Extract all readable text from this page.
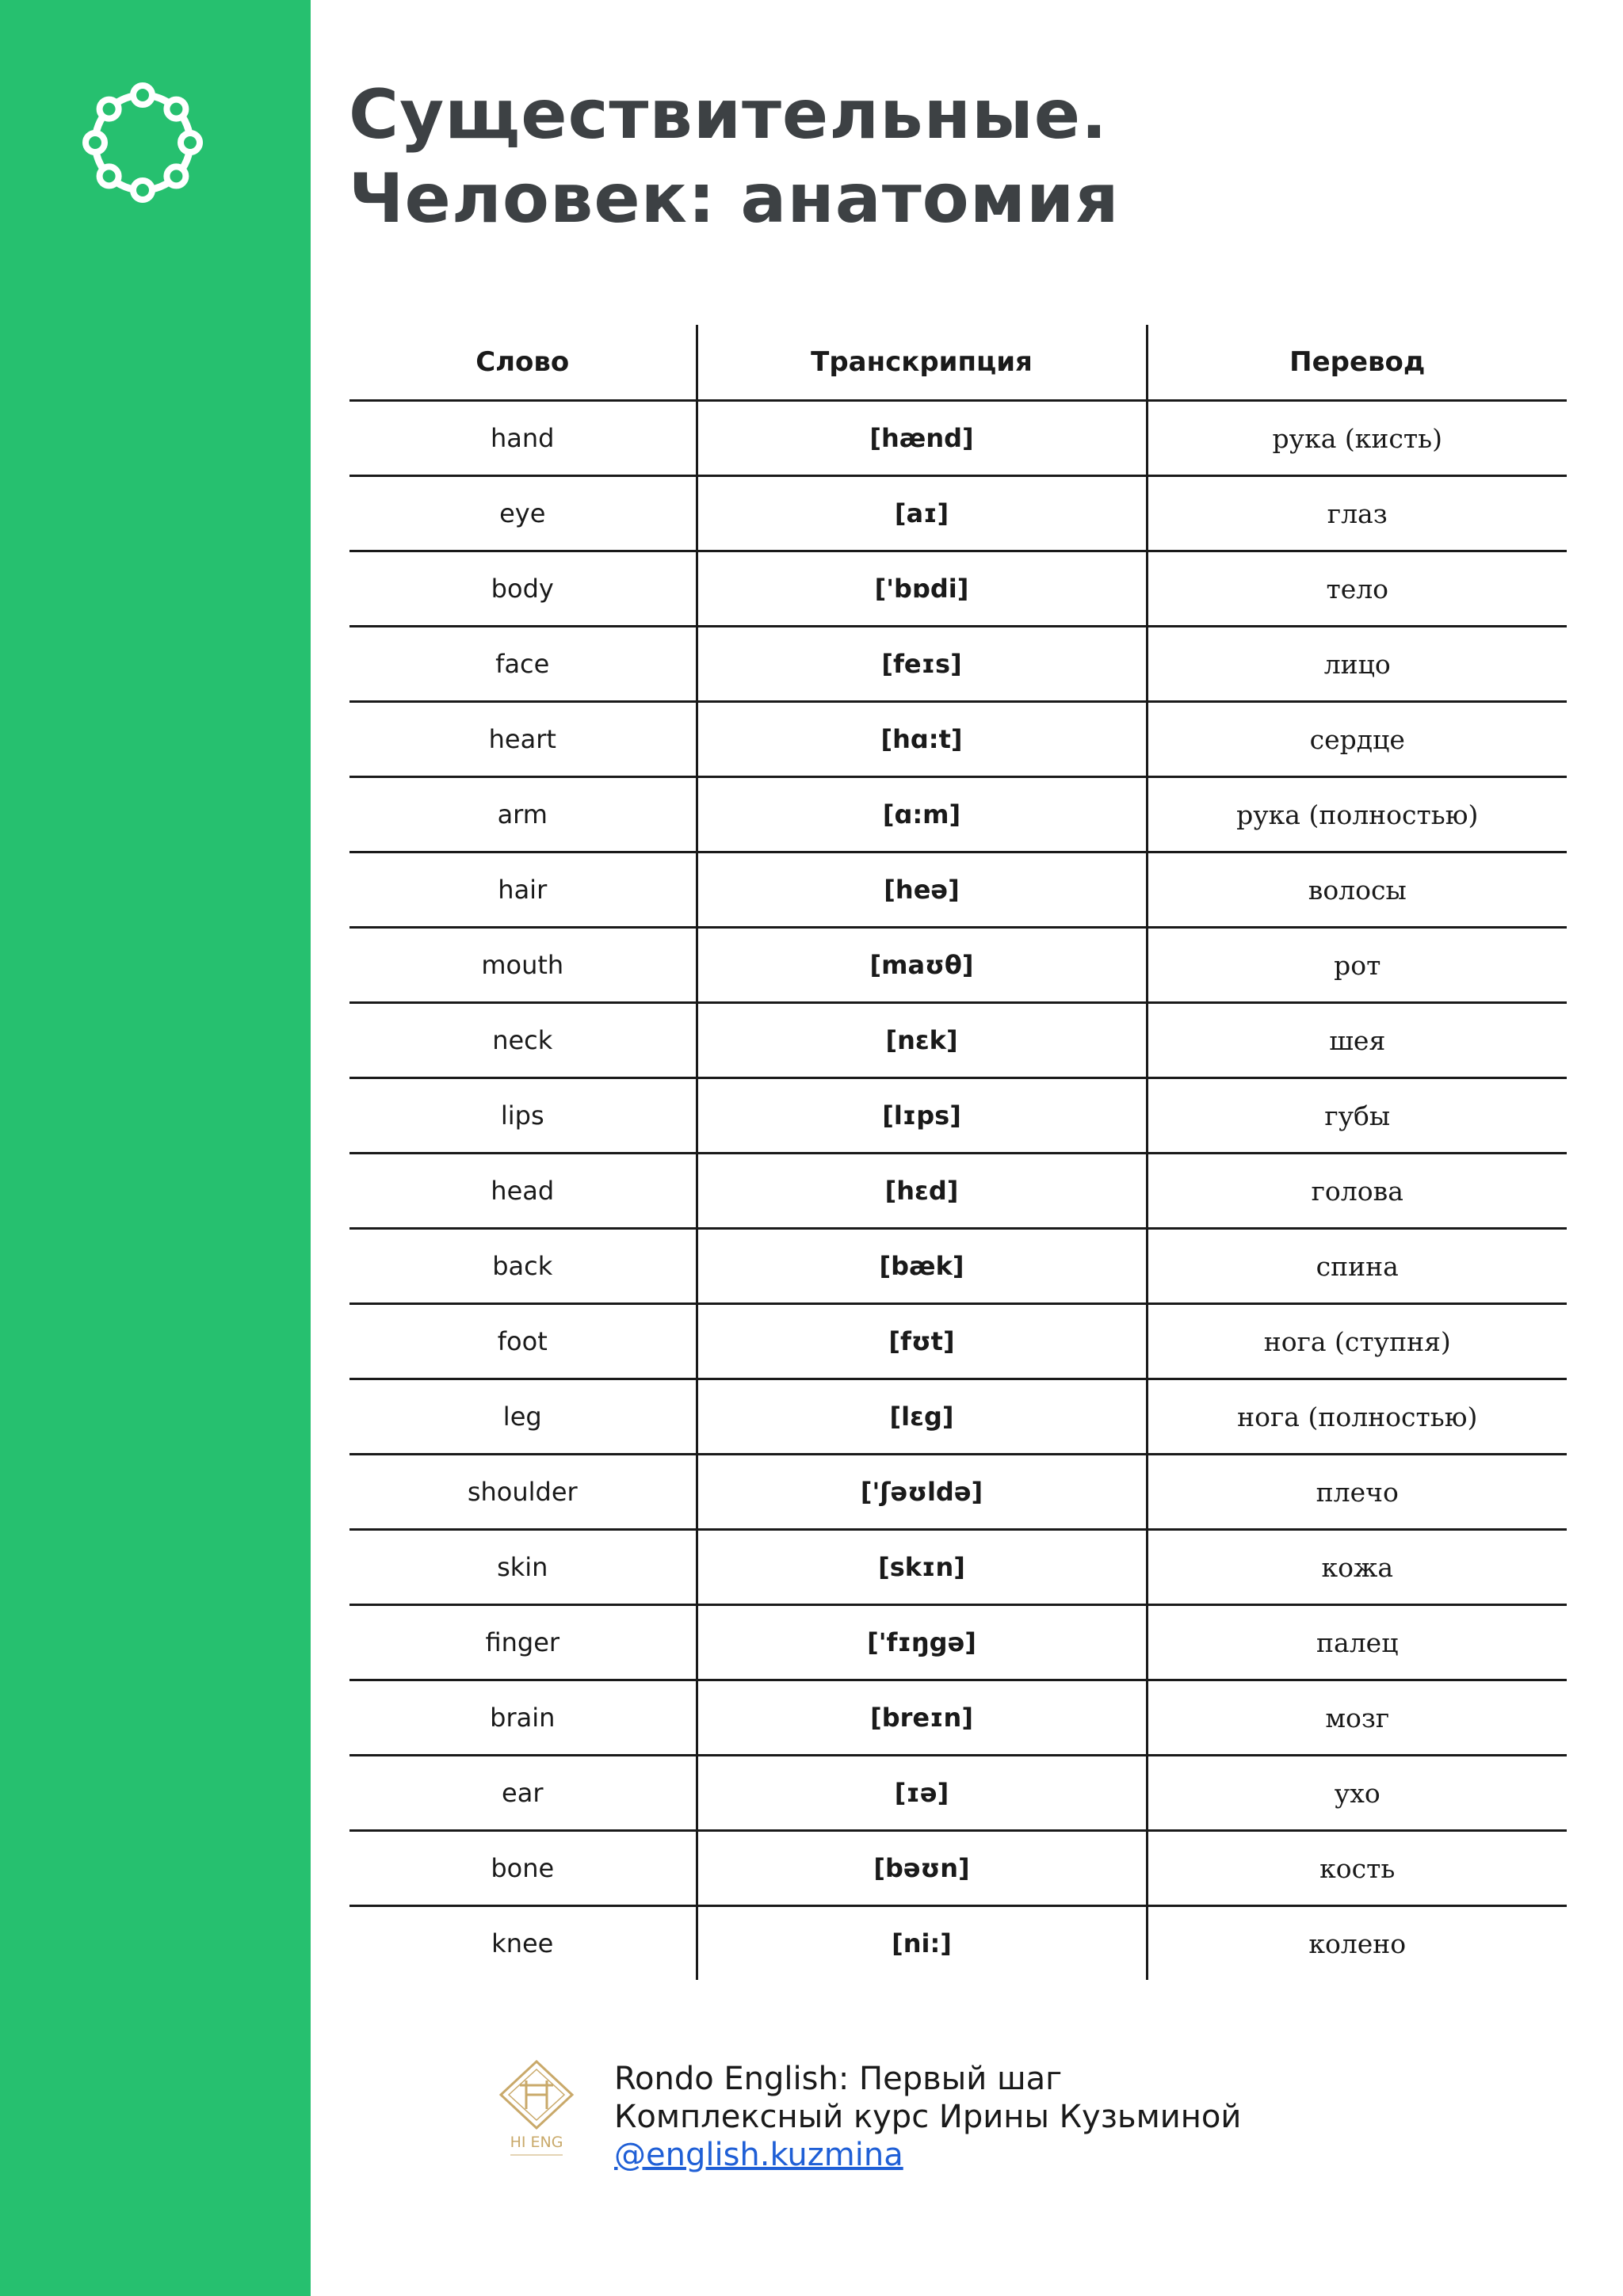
Существительные.
Человек: анатомия
Слово	Транскрипция	Перевод
hand	[hænd]	рука (кисть)
eye	[aɪ]	глаз
body	['bɒdi]	тело
face	[feɪs]	лицо
heart	[hɑ:t]	сердце
arm	[ɑ:m]	рука (полностью)
hair	[heə]	волосы
mouth	[maʊθ]	рот
neck	[nɛk]	шея
lips	[lɪps]	губы
head	[hɛd]	голова
back	[bæk]	спина
foot	[fʊt]	нога (ступня)
leg	[lɛg]	нога (полностью)
shoulder	['ʃəʊldə]	плечо
skin	[skɪn]	кожа
finger	['fɪŋgə]	палец
brain	[breɪn]	мозг
ear	[ɪə]	ухо
bone	[bəʊn]	кость
knee	[ni:]	колено
HI ENG
Rondo English: Первый шаг
Комплексный курс Ирины Кузьминой
@english.kuzmina
